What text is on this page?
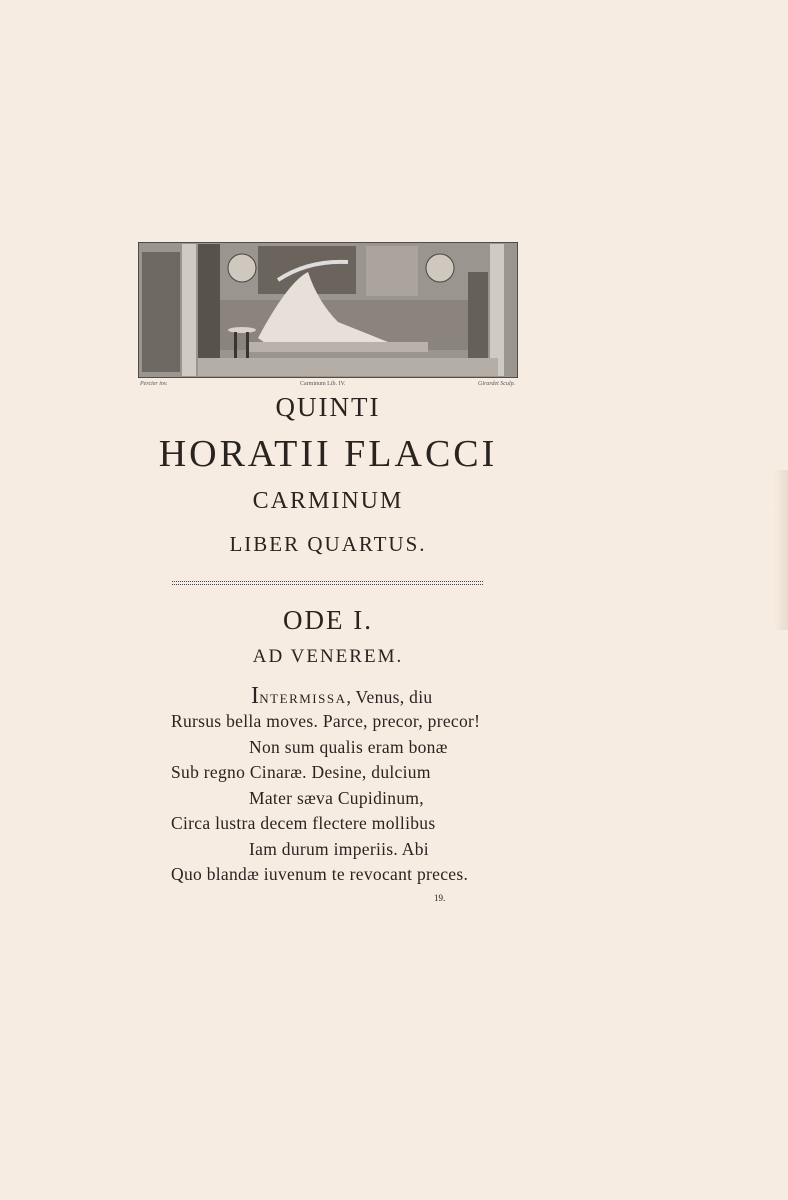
Percier inv.	Carminum Lib. IV.	Girardet Sculp.
QUINTI
HORATII FLACCI
CARMINUM
LIBER QUARTUS.
ODE I.
AD VENEREM.
INTERMISSA, Venus, diu
Rursus bella moves. Parce, precor, precor!
Non sum qualis eram bonæ
Sub regno Cinaræ. Desine, dulcium
Mater sæva Cupidinum,
Circa lustra decem flectere mollibus
Iam durum imperiis. Abi
Quo blandæ iuvenum te revocant preces.
19.
